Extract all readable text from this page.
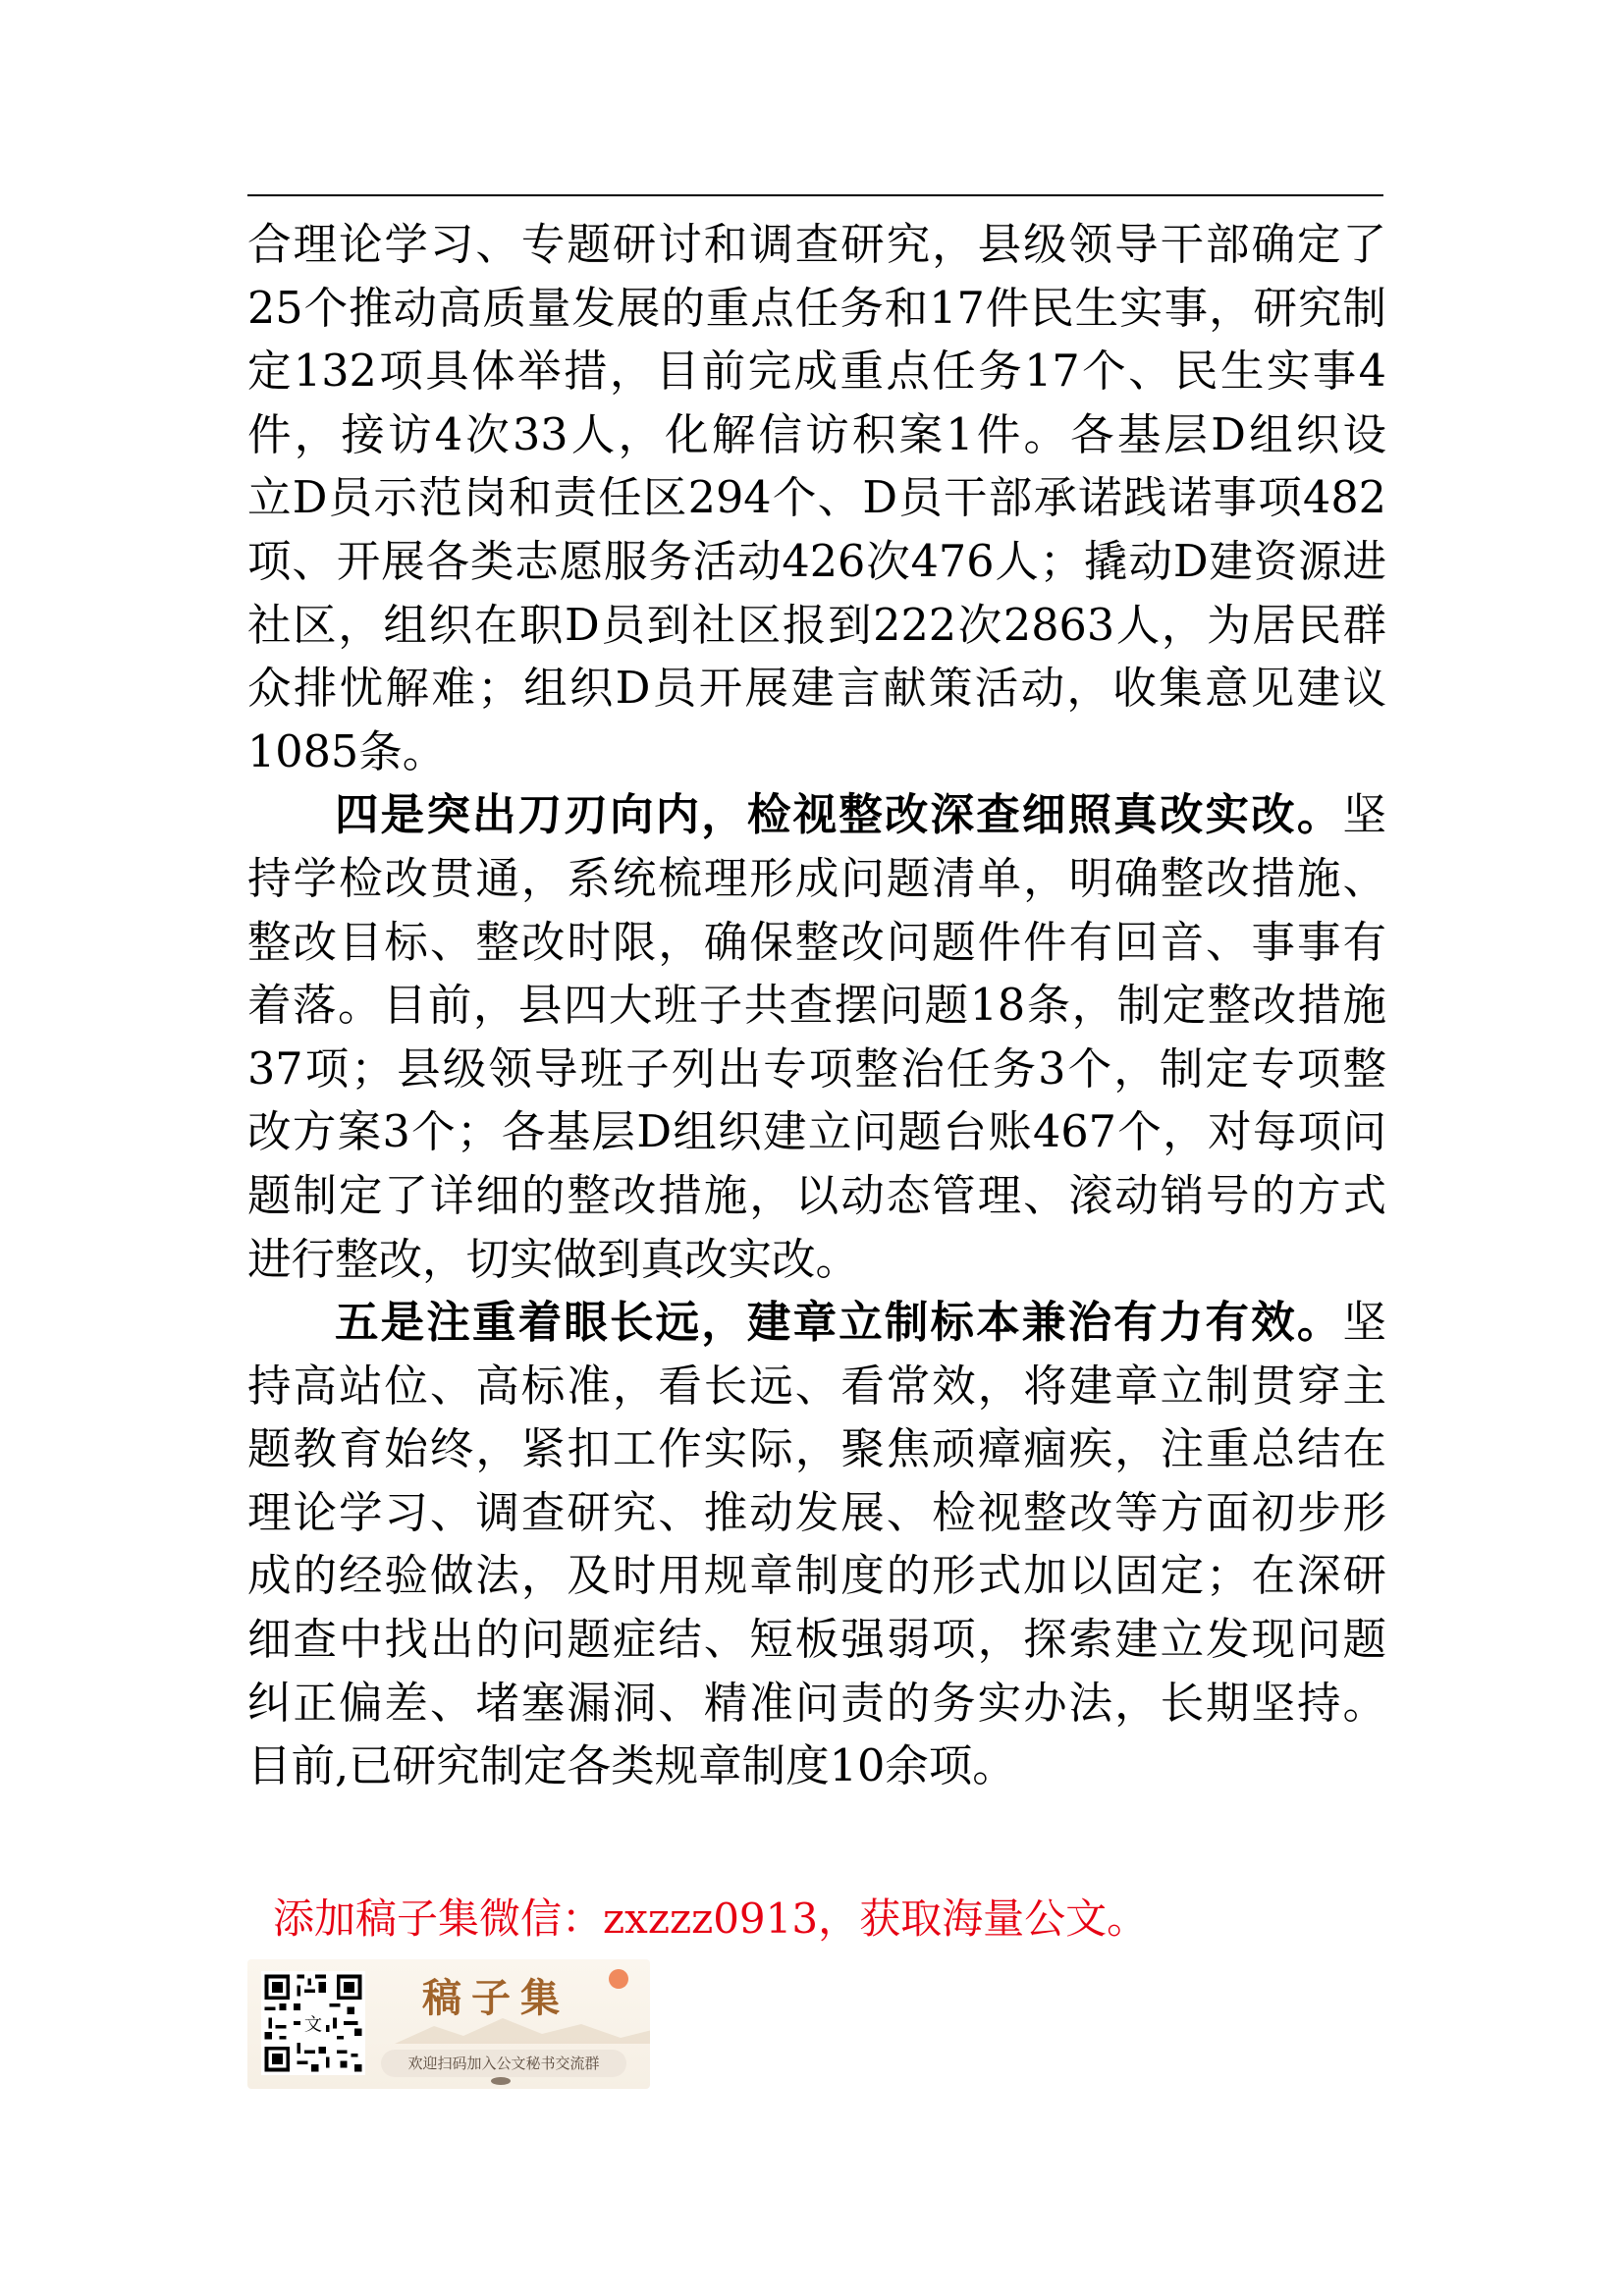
合理论学习、专题研讨和调查研究，县级领导干部确定了
25个推动高质量发展的重点任务和17件民生实事，研究制
定132项具体举措，目前完成重点任务17个、民生实事4
件，接访4次33人，化解信访积案1件。各基层D组织设
立D员示范岗和责任区294个、D员干部承诺践诺事项482
项、开展各类志愿服务活动426次476人；撬动D建资源进
社区，组织在职D员到社区报到222次2863人，为居民群
众排忧解难；组织D员开展建言献策活动，收集意见建议
1085条。
四是突出刀刃向内，检视整改深查细照真改实改。坚
持学检改贯通，系统梳理形成问题清单，明确整改措施、
整改目标、整改时限，确保整改问题件件有回音、事事有
着落。目前，县四大班子共查摆问题18条，制定整改措施
37项；县级领导班子列出专项整治任务3个，制定专项整
改方案3个；各基层D组织建立问题台账467个，对每项问
题制定了详细的整改措施，以动态管理、滚动销号的方式
进行整改，切实做到真改实改。
五是注重着眼长远，建章立制标本兼治有力有效。坚
持高站位、高标准，看长远、看常效，将建章立制贯穿主
题教育始终，紧扣工作实际，聚焦顽瘴痼疾，注重总结在
理论学习、调查研究、推动发展、检视整改等方面初步形
成的经验做法，及时用规章制度的形式加以固定；在深研
细查中找出的问题症结、短板强弱项，探索建立发现问题
纠正偏差、堵塞漏洞、精准问责的务实办法，长期坚持。
目前,已研究制定各类规章制度10余项。
添加稿子集微信：zxzzz0913，获取海量公文。
文
稿子集
欢迎扫码加入公文秘书交流群
